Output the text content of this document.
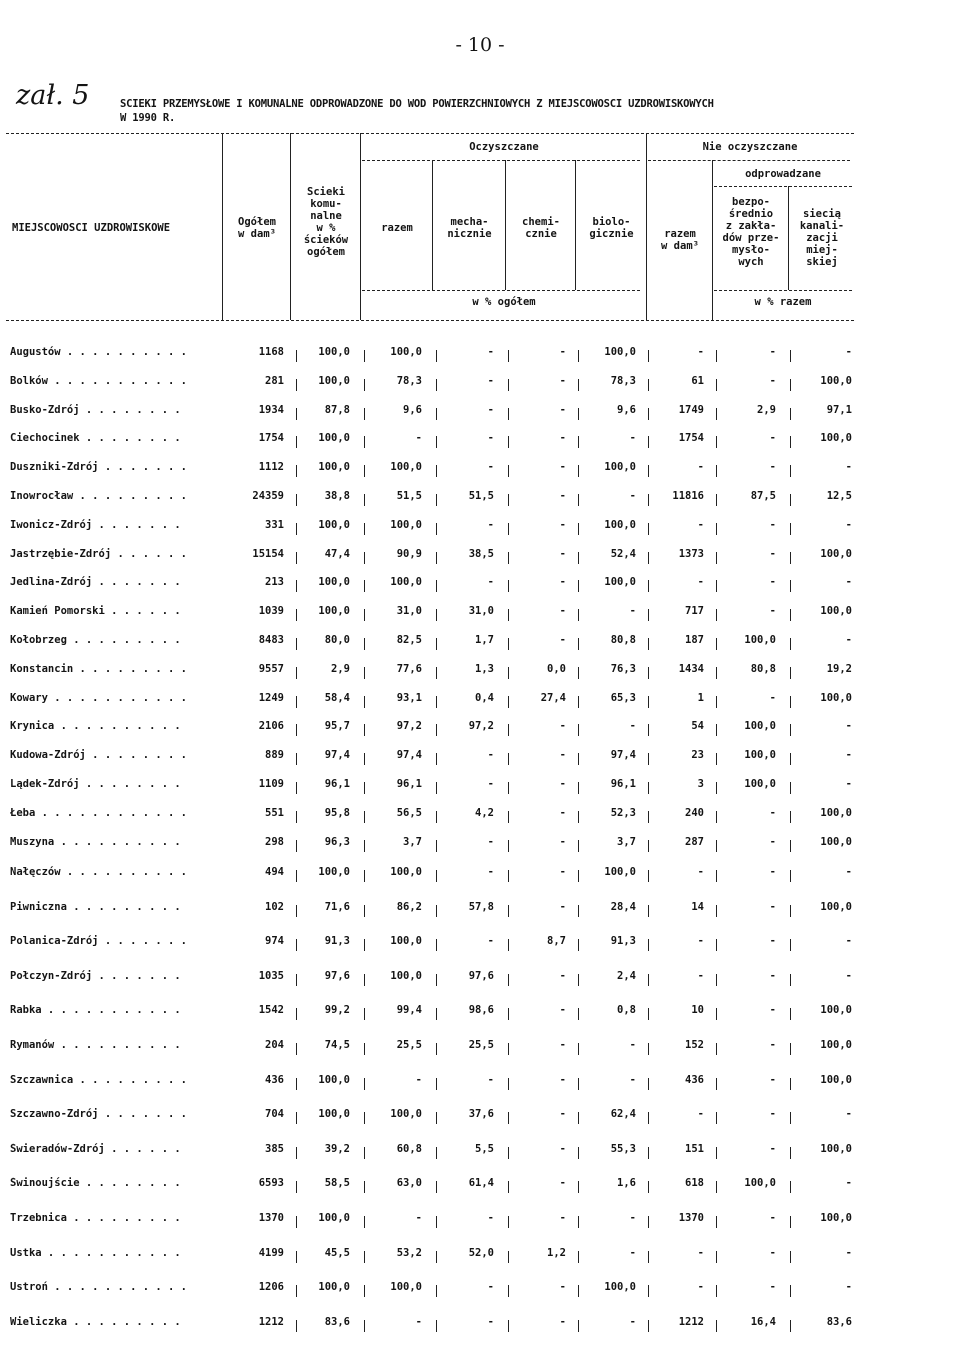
- 10 -
zał. 5	SCIEKI PRZEMYSŁOWE I KOMUNALNE ODPROWADZONE DO WOD POWIERZCHNIOWYCH Z MIEJSCOWOSCI UZDROWISKOWYCH
W 1990 R.
MIEJSCOWOSCI UZDROWISKOWE	Ogółem
w dam³
Scieki
komu-
nalne
w %
ścieków
ogółem
Oczyszczane	Nie oczyszczane
razem	mecha-
nicznie
chemi-
cznie
biolo-
gicznie	razem
w dam³
odprowadzane
bezpo-
średnio
z zakła-
dów prze-
mysło-
wych
siecią
kanali-
zacji
miej-
skiej
w % ogółem	w % razem
Augustów . . . . . . . . . .	1168	100,0	100,0	-	-	100,0	-	-	-
Bolków . . . . . . . . . . .	281	100,0	78,3	-	-	78,3	61	-	100,0
Busko-Zdrój . . . . . . . .	1934	87,8	9,6	-	-	9,6	1749	2,9	97,1
Ciechocinek . . . . . . . .	1754	100,0	-	-	-	-	1754	-	100,0
Duszniki-Zdrój . . . . . . .	1112	100,0	100,0	-	-	100,0	-	-	-
Inowrocław . . . . . . . . .	24359	38,8	51,5	51,5	-	-	11816	87,5	12,5
Iwonicz-Zdrój . . . . . . .	331	100,0	100,0	-	-	100,0	-	-	-
Jastrzębie-Zdrój . . . . . .	15154	47,4	90,9	38,5	-	52,4	1373	-	100,0
Jedlina-Zdrój . . . . . . .	213	100,0	100,0	-	-	100,0	-	-	-
Kamień Pomorski . . . . . .	1039	100,0	31,0	31,0	-	-	717	-	100,0
Kołobrzeg . . . . . . . . .	8483	80,0	82,5	1,7	-	80,8	187	100,0	-
Konstancin . . . . . . . . .	9557	2,9	77,6	1,3	0,0	76,3	1434	80,8	19,2
Kowary . . . . . . . . . . .	1249	58,4	93,1	0,4	27,4	65,3	1	-	100,0
Krynica . . . . . . . . . .	2106	95,7	97,2	97,2	-	-	54	100,0	-
Kudowa-Zdrój . . . . . . . .	889	97,4	97,4	-	-	97,4	23	100,0	-
Lądek-Zdrój . . . . . . . .	1109	96,1	96,1	-	-	96,1	3	100,0	-
Łeba . . . . . . . . . . . .	551	95,8	56,5	4,2	-	52,3	240	-	100,0
Muszyna . . . . . . . . . .	298	96,3	3,7	-	-	3,7	287	-	100,0
Nałęczów . . . . . . . . . .	494	100,0	100,0	-	-	100,0	-	-	-
Piwniczna . . . . . . . . .	102	71,6	86,2	57,8	-	28,4	14	-	100,0
Polanica-Zdrój . . . . . . .	974	91,3	100,0	-	8,7	91,3	-	-	-
Połczyn-Zdrój . . . . . . .	1035	97,6	100,0	97,6	-	2,4	-	-	-
Rabka . . . . . . . . . . .	1542	99,2	99,4	98,6	-	0,8	10	-	100,0
Rymanów . . . . . . . . . .	204	74,5	25,5	25,5	-	-	152	-	100,0
Szczawnica . . . . . . . . .	436	100,0	-	-	-	-	436	-	100,0
Szczawno-Zdrój . . . . . . .	704	100,0	100,0	37,6	-	62,4	-	-	-
Świeradów-Zdrój . . . . . .	385	39,2	60,8	5,5	-	55,3	151	-	100,0
Świnoujście . . . . . . . .	6593	58,5	63,0	61,4	-	1,6	618	100,0	-
Trzebnica . . . . . . . . .	1370	100,0	-	-	-	-	1370	-	100,0
Ustka . . . . . . . . . . .	4199	45,5	53,2	52,0	1,2	-	-	-	-
Ustroń . . . . . . . . . . .	1206	100,0	100,0	-	-	100,0	-	-	-
Wieliczka . . . . . . . . .	1212	83,6	-	-	-	-	1212	16,4	83,6
